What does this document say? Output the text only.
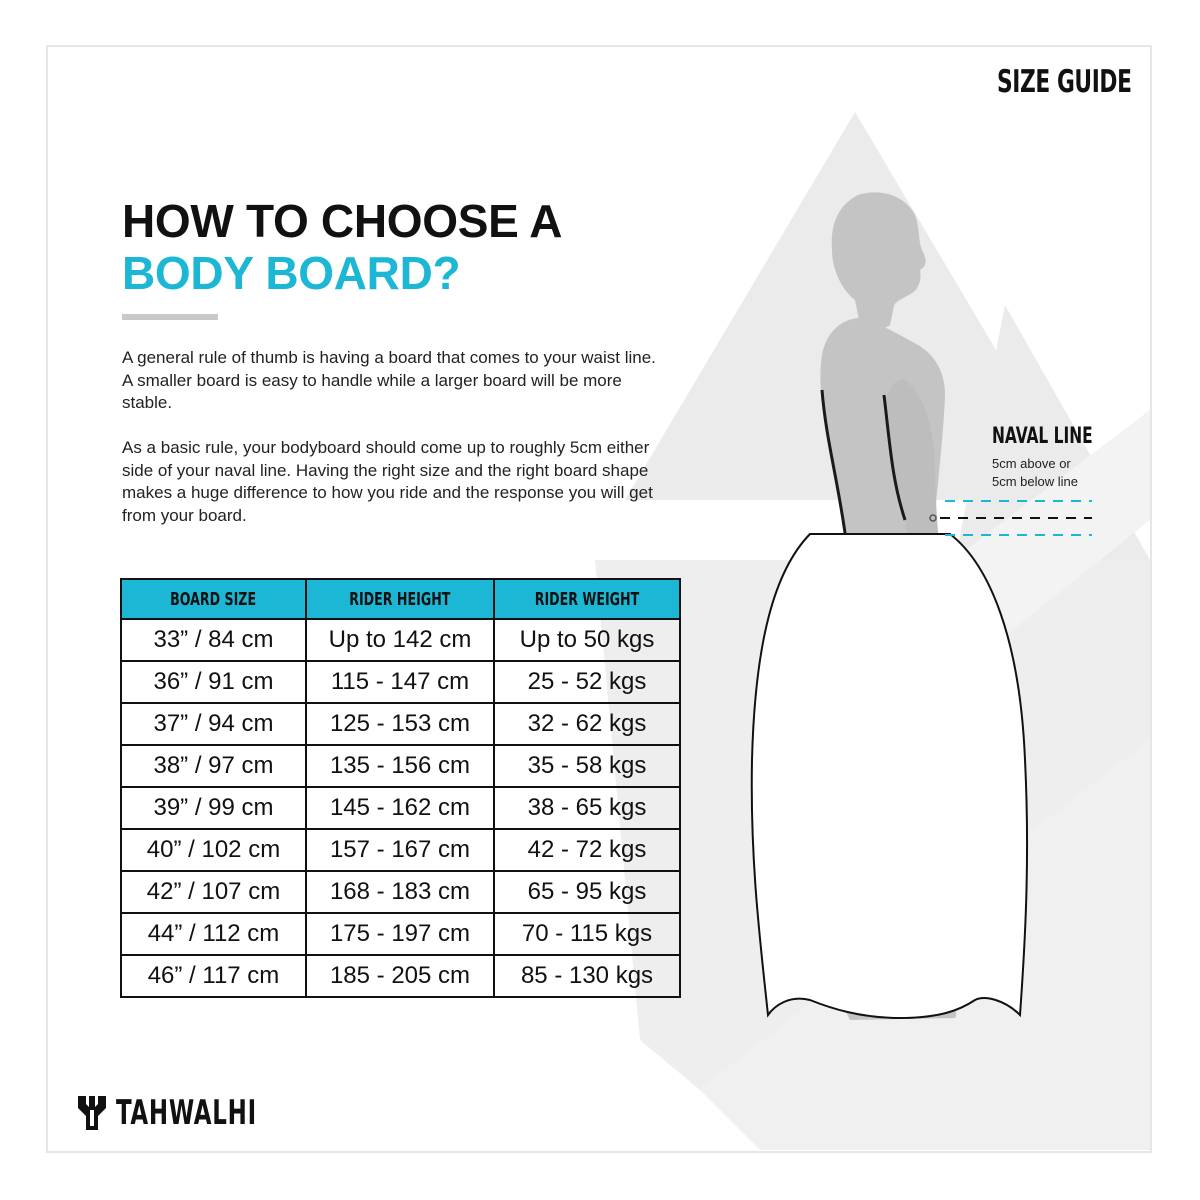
SIZE GUIDE
HOW TO CHOOSE A
BODY BOARD?

A general rule of thumb is having a board that comes to your waist line. A smaller board is easy to handle while a larger board will be more stable.

As a basic rule, your bodyboard should come up to roughly 5cm either side of your naval line. Having the right size and the right board shape makes a huge difference to how you ride and the response you will get from your board.

BOARD SIZE	RIDER HEIGHT	RIDER WEIGHT
33” / 84 cm	Up to 142 cm	Up to 50 kgs
36” / 91 cm	115 - 147 cm	25 - 52 kgs
37” / 94 cm	125 - 153 cm	32 - 62 kgs
38” / 97 cm	135 - 156 cm	35 - 58 kgs
39” / 99 cm	145 - 162 cm	38 - 65 kgs
40” / 102 cm	157 - 167 cm	42 - 72 kgs
42” / 107 cm	168 - 183 cm	65 - 95 kgs
44” / 112 cm	175 - 197 cm	70 - 115 kgs
46” / 117 cm	185 - 205 cm	85 - 130 kgs
NAVAL LINE

5cm above or
5cm below line

TAHWALHI
